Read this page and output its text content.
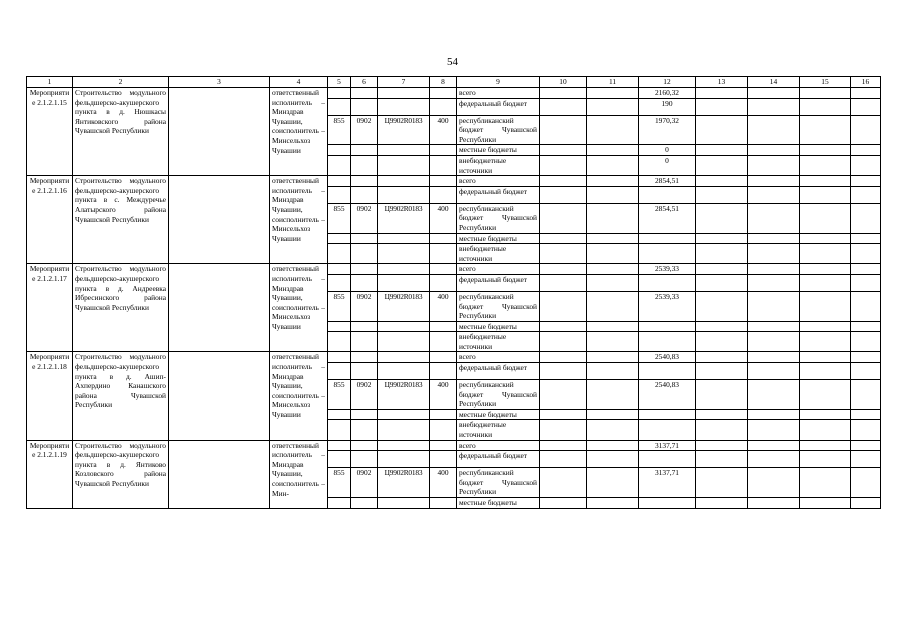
54
1	2	3	4	5	6	7	8	9	10	11	12	13	14	15	16
Мероприятие 2.1.2.1.15	Строительство модульного фельдшерско-акушерского пункта в д. Нюшкасы Янтиковского района Чувашской Республики		ответственный исполнитель – Минздрав Чувашии, соисполнитель – Минсельхоз Чувашии					всего			2160,32				
								федеральный бюджет			190				
				855	0902	Ц9902R0183	400	республиканский бюджет Чувашской Республики			1970,32				
								местные бюджеты			0				
								внебюджетные источники			0				
Мероприятие 2.1.2.1.16	Строительство модульного фельдшерско-акушерского пункта в с. Междуречье Алатырского района Чувашской Республики		ответственный исполнитель – Минздрав Чувашии, соисполнитель – Минсельхоз Чувашии					всего			2854,51				
								федеральный бюджет							
				855	0902	Ц9902R0183	400	республиканский бюджет Чувашской Республики			2854,51				
								местные бюджеты							
								внебюджетные источники							
Мероприятие 2.1.2.1.17	Строительство модульного фельдшерско-акушерского пункта в д. Андреевка Ибресинского района Чувашской Республики		ответственный исполнитель – Минздрав Чувашии, соисполнитель – Минсельхоз Чувашии					всего			2539,33				
								федеральный бюджет							
				855	0902	Ц9902R0183	400	республиканский бюджет Чувашской Республики			2539,33				
								местные бюджеты							
								внебюджетные источники							
Мероприятие 2.1.2.1.18	Строительство модульного фельдшерско-акушерского пункта в д. Ашип-Ахпердино Канашского района Чувашской Республики		ответственный исполнитель – Минздрав Чувашии, соисполнитель – Минсельхоз Чувашии					всего			2540,83				
								федеральный бюджет							
				855	0902	Ц9902R0183	400	республиканский бюджет Чувашской Республики			2540,83				
								местные бюджеты							
								внебюджетные источники							
Мероприятие 2.1.2.1.19	Строительство модульного фельдшерско-акушерского пункта в д. Янтиково Козловского района Чувашской Республики		ответственный исполнитель – Минздрав Чувашии, соисполнитель – Мин-					всего			3137,71				
								федеральный бюджет							
				855	0902	Ц9902R0183	400	республиканский бюджет Чувашской Республики			3137,71				
								местные бюджеты							
